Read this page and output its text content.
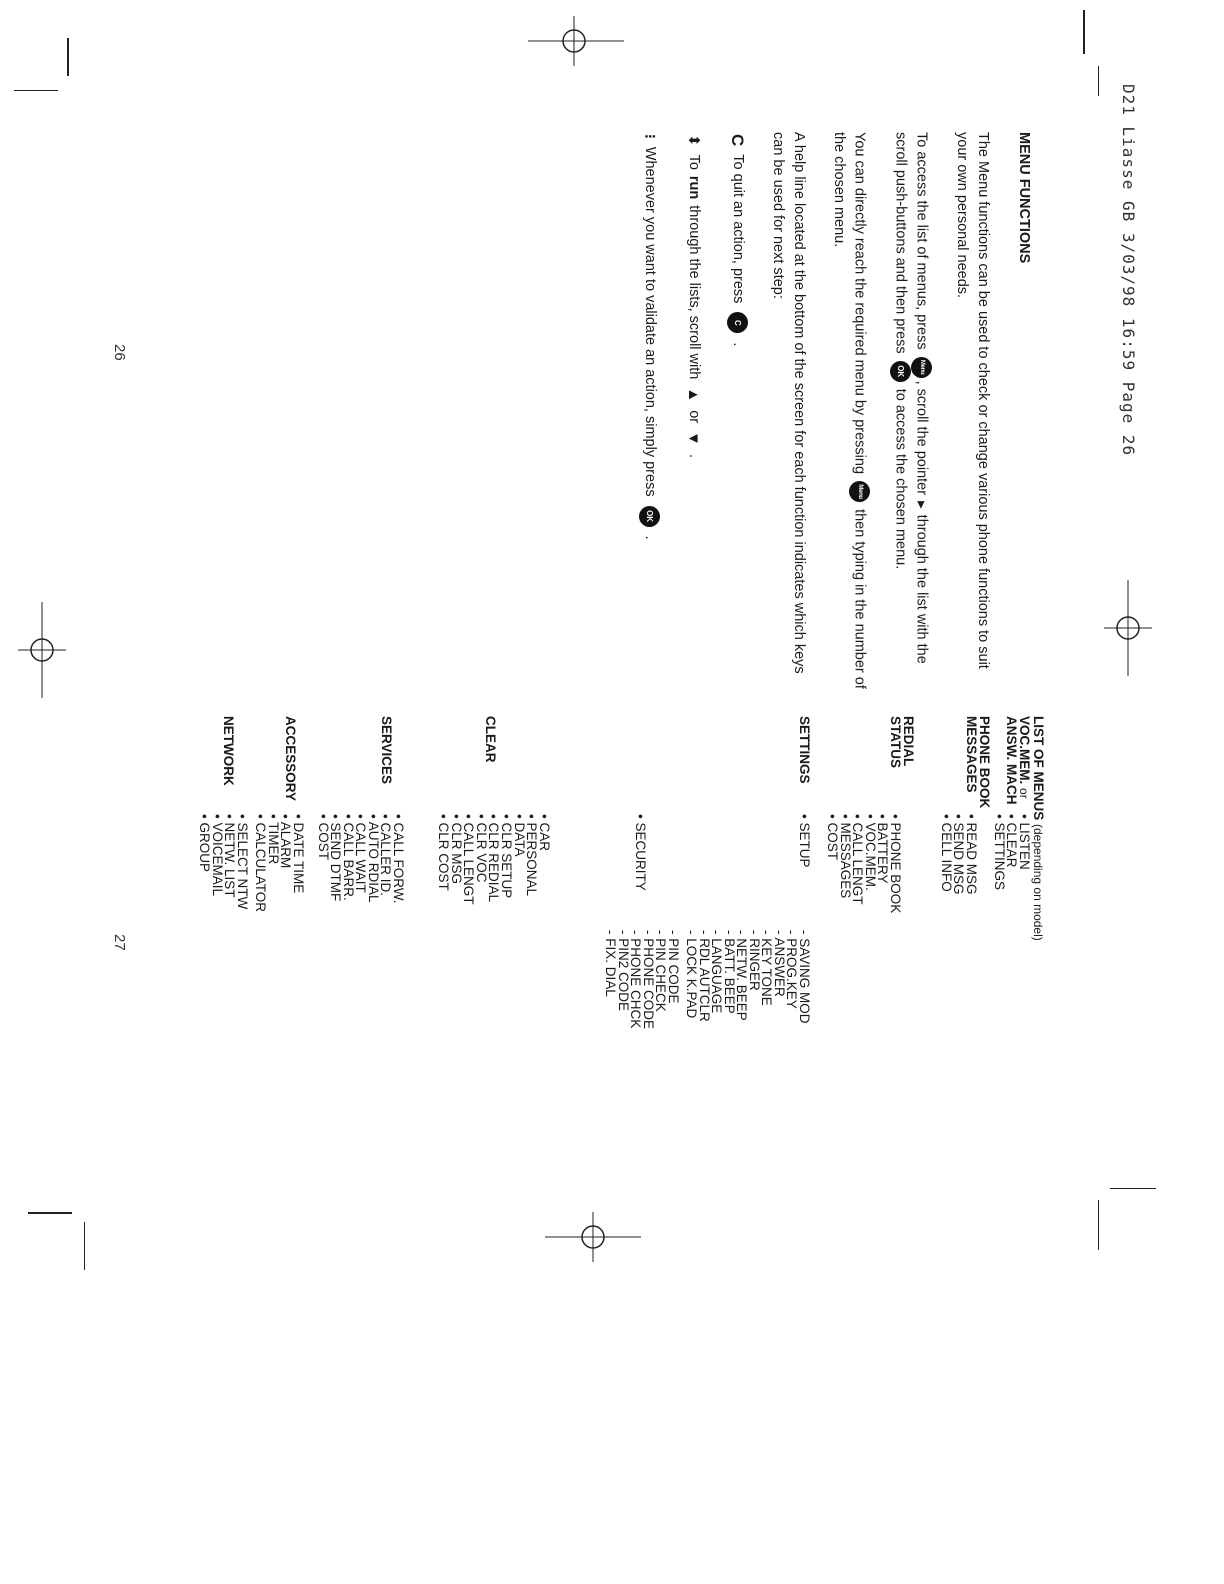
D21 Liasse GB 3/03/98 16:59 Page 26
26
27
MENU FUNCTIONS
The Menu functions can be used to check or change various phone functions to suit your own personal needs.
To access the list of menus, press Menu, scroll the pointer ▸ through the list with the scroll push-buttons and then press OK to access the chosen menu.
You can directly reach the required menu by pressing Menu then typing in the number of the chosen menu.
A help line located at the bottom of the screen for each function indicates which keys can be used for next step:
C
To quit an action, press
C
.
⬍
To
run
through the lists, scroll with
▲
or
▼
.
⁝
Whenever you want to validate an action, simply press
OK
.
LIST OF MENUS (depending on model)
VOC.MEM. or
ANSW. MACH
• LISTEN
• CLEAR
• SETTINGS
PHONE BOOK
MESSAGES
• READ MSG
• SEND MSG
• CELL INFO
REDIAL
STATUS
• PHONE BOOK
• BATTERY
• VOC.MEM.
• CALL LENGT
• MESSAGES
• COST
SETTINGS
• SETUP
- SAVING MOD
- PROG.KEY
- ANSWER
- KEY TONE
- RINGER
- NETW. BEEP
- BATT. BEEP
- LANGUAGE
- RDL AUTCLR
- LOCK K.PAD
• SECURITY
- PIN CODE
- PIN CHECK
- PHONE CODE
- PHONE CHCK
- PIN2 CODE
- FIX. DIAL
• CAR
• PERSONAL
• DATA
CLEAR
• CLR SETUP
• CLR REDIAL
• CLR VOC
• CALL LENGT
• CLR MSG
• CLR COST
SERVICES
• CALL FORW.
• CALLER ID.
• AUTO RDIAL
• CALL WAIT
• CALL BARR.
• SEND DTMF
• COST
ACCESSORY
• DATE TIME
• ALARM
• TIMER
• CALCULATOR
NETWORK
• SELECT NTW
• NETW. LIST
• VOICEMAIL
• GROUP
